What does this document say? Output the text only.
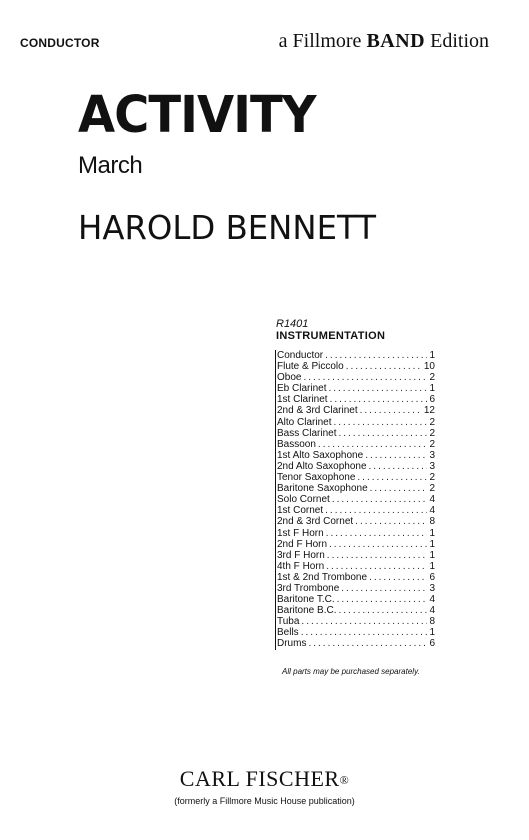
CONDUCTOR	a Fillmore BAND Edition
ACTIVITY
March
HAROLD BENNETT
R1401
INSTRUMENTATION
Conductor .....	1
Flute & Piccolo .....	10
Oboe .....	2
Eb Clarinet .....	1
1st Clarinet .....	6
2nd & 3rd Clarinet .....	12
Alto Clarinet .....	2
Bass Clarinet .....	2
Bassoon .....	2
1st Alto Saxophone .....	3
2nd Alto Saxophone .....	3
Tenor Saxophone .....	2
Baritone Saxophone .....	2
Solo Cornet .....	4
1st Cornet .....	4
2nd & 3rd Cornet .....	8
1st F Horn .....	1
2nd F Horn .....	1
3rd F Horn .....	1
4th F Horn .....	1
1st & 2nd Trombone .....	6
3rd Trombone .....	3
Baritone T.C. .....	4
Baritone B.C. .....	4
Tuba .....	8
Bells .....	1
Drums .....	6
All parts may be purchased separately.
CARL FISCHER®
(formerly a Fillmore Music House publication)
